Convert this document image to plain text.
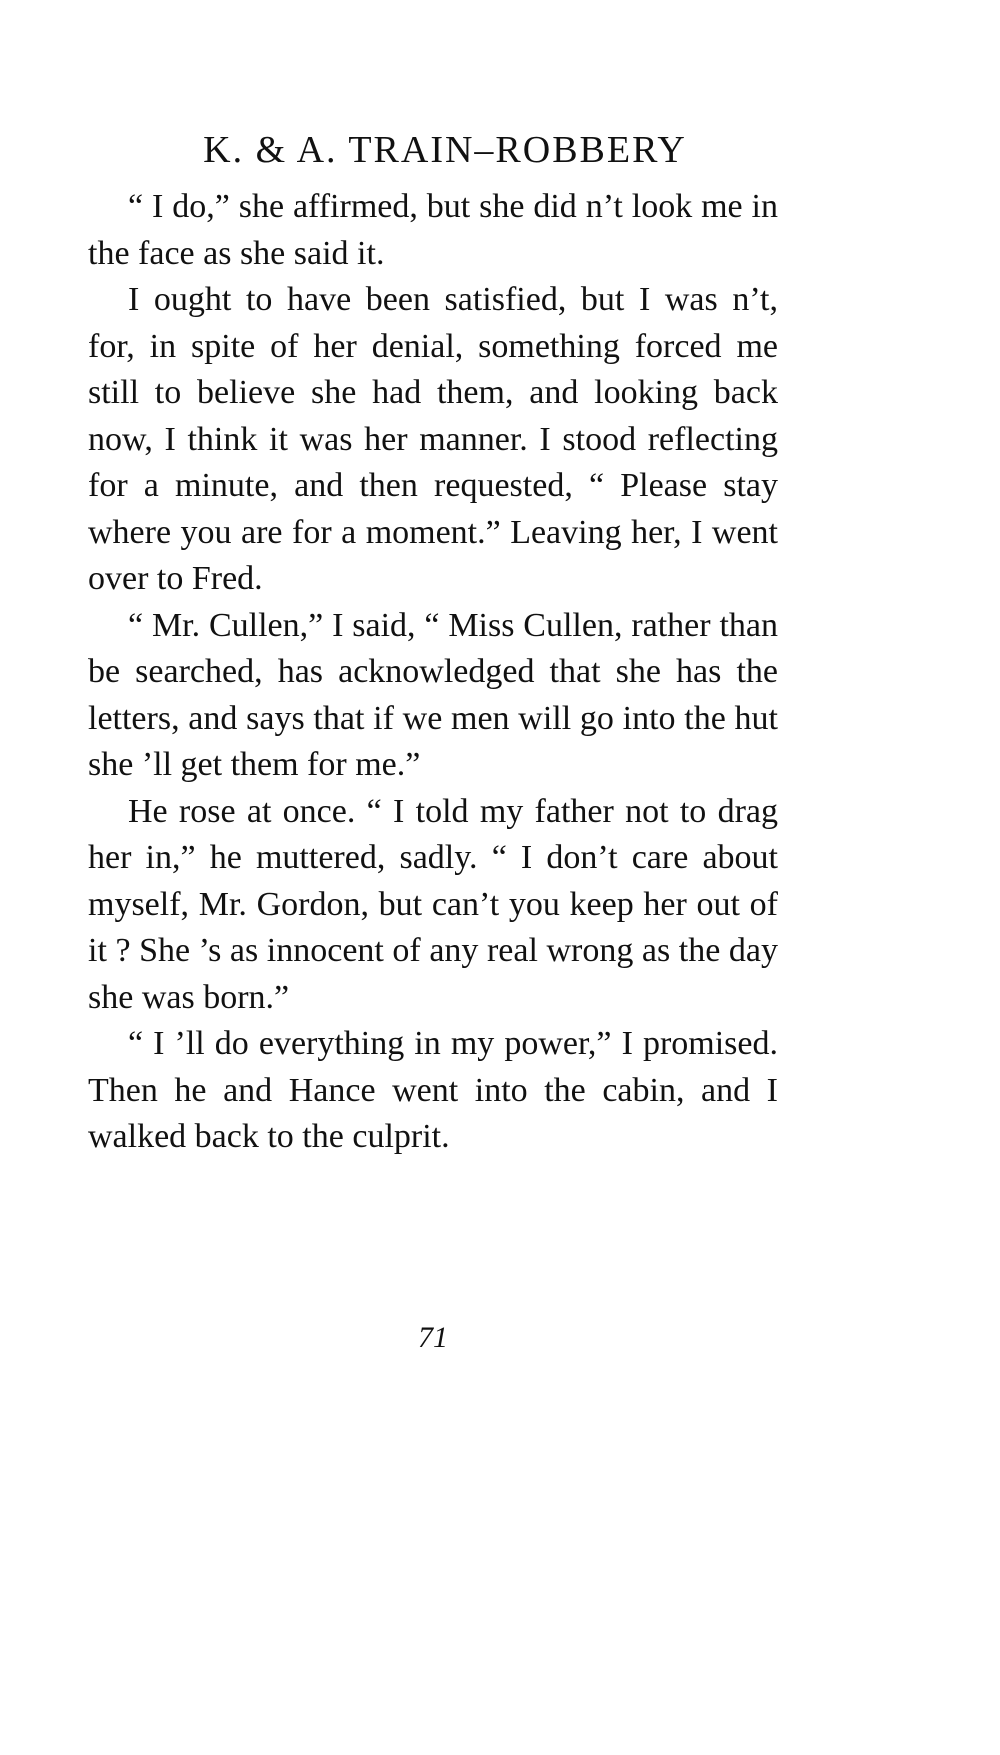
K. & A. TRAIN–ROBBERY

“ I do,” she affirmed, but she did n’t look me in the face as she said it.

I ought to have been satisfied, but I was n’t, for, in spite of her denial, something forced me still to believe she had them, and looking back now, I think it was her manner. I stood reflecting for a minute, and then requested, “ Please stay where you are for a moment.” Leaving her, I went over to Fred.

“ Mr. Cullen,” I said, “ Miss Cullen, rather than be searched, has acknowledged that she has the letters, and says that if we men will go into the hut she ’ll get them for me.”

He rose at once. “ I told my father not to drag her in,” he muttered, sadly. “ I don’t care about myself, Mr. Gordon, but can’t you keep her out of it ? She ’s as innocent of any real wrong as the day she was born.”

“ I ’ll do everything in my power,” I promised. Then he and Hance went into the cabin, and I walked back to the culprit.

71
